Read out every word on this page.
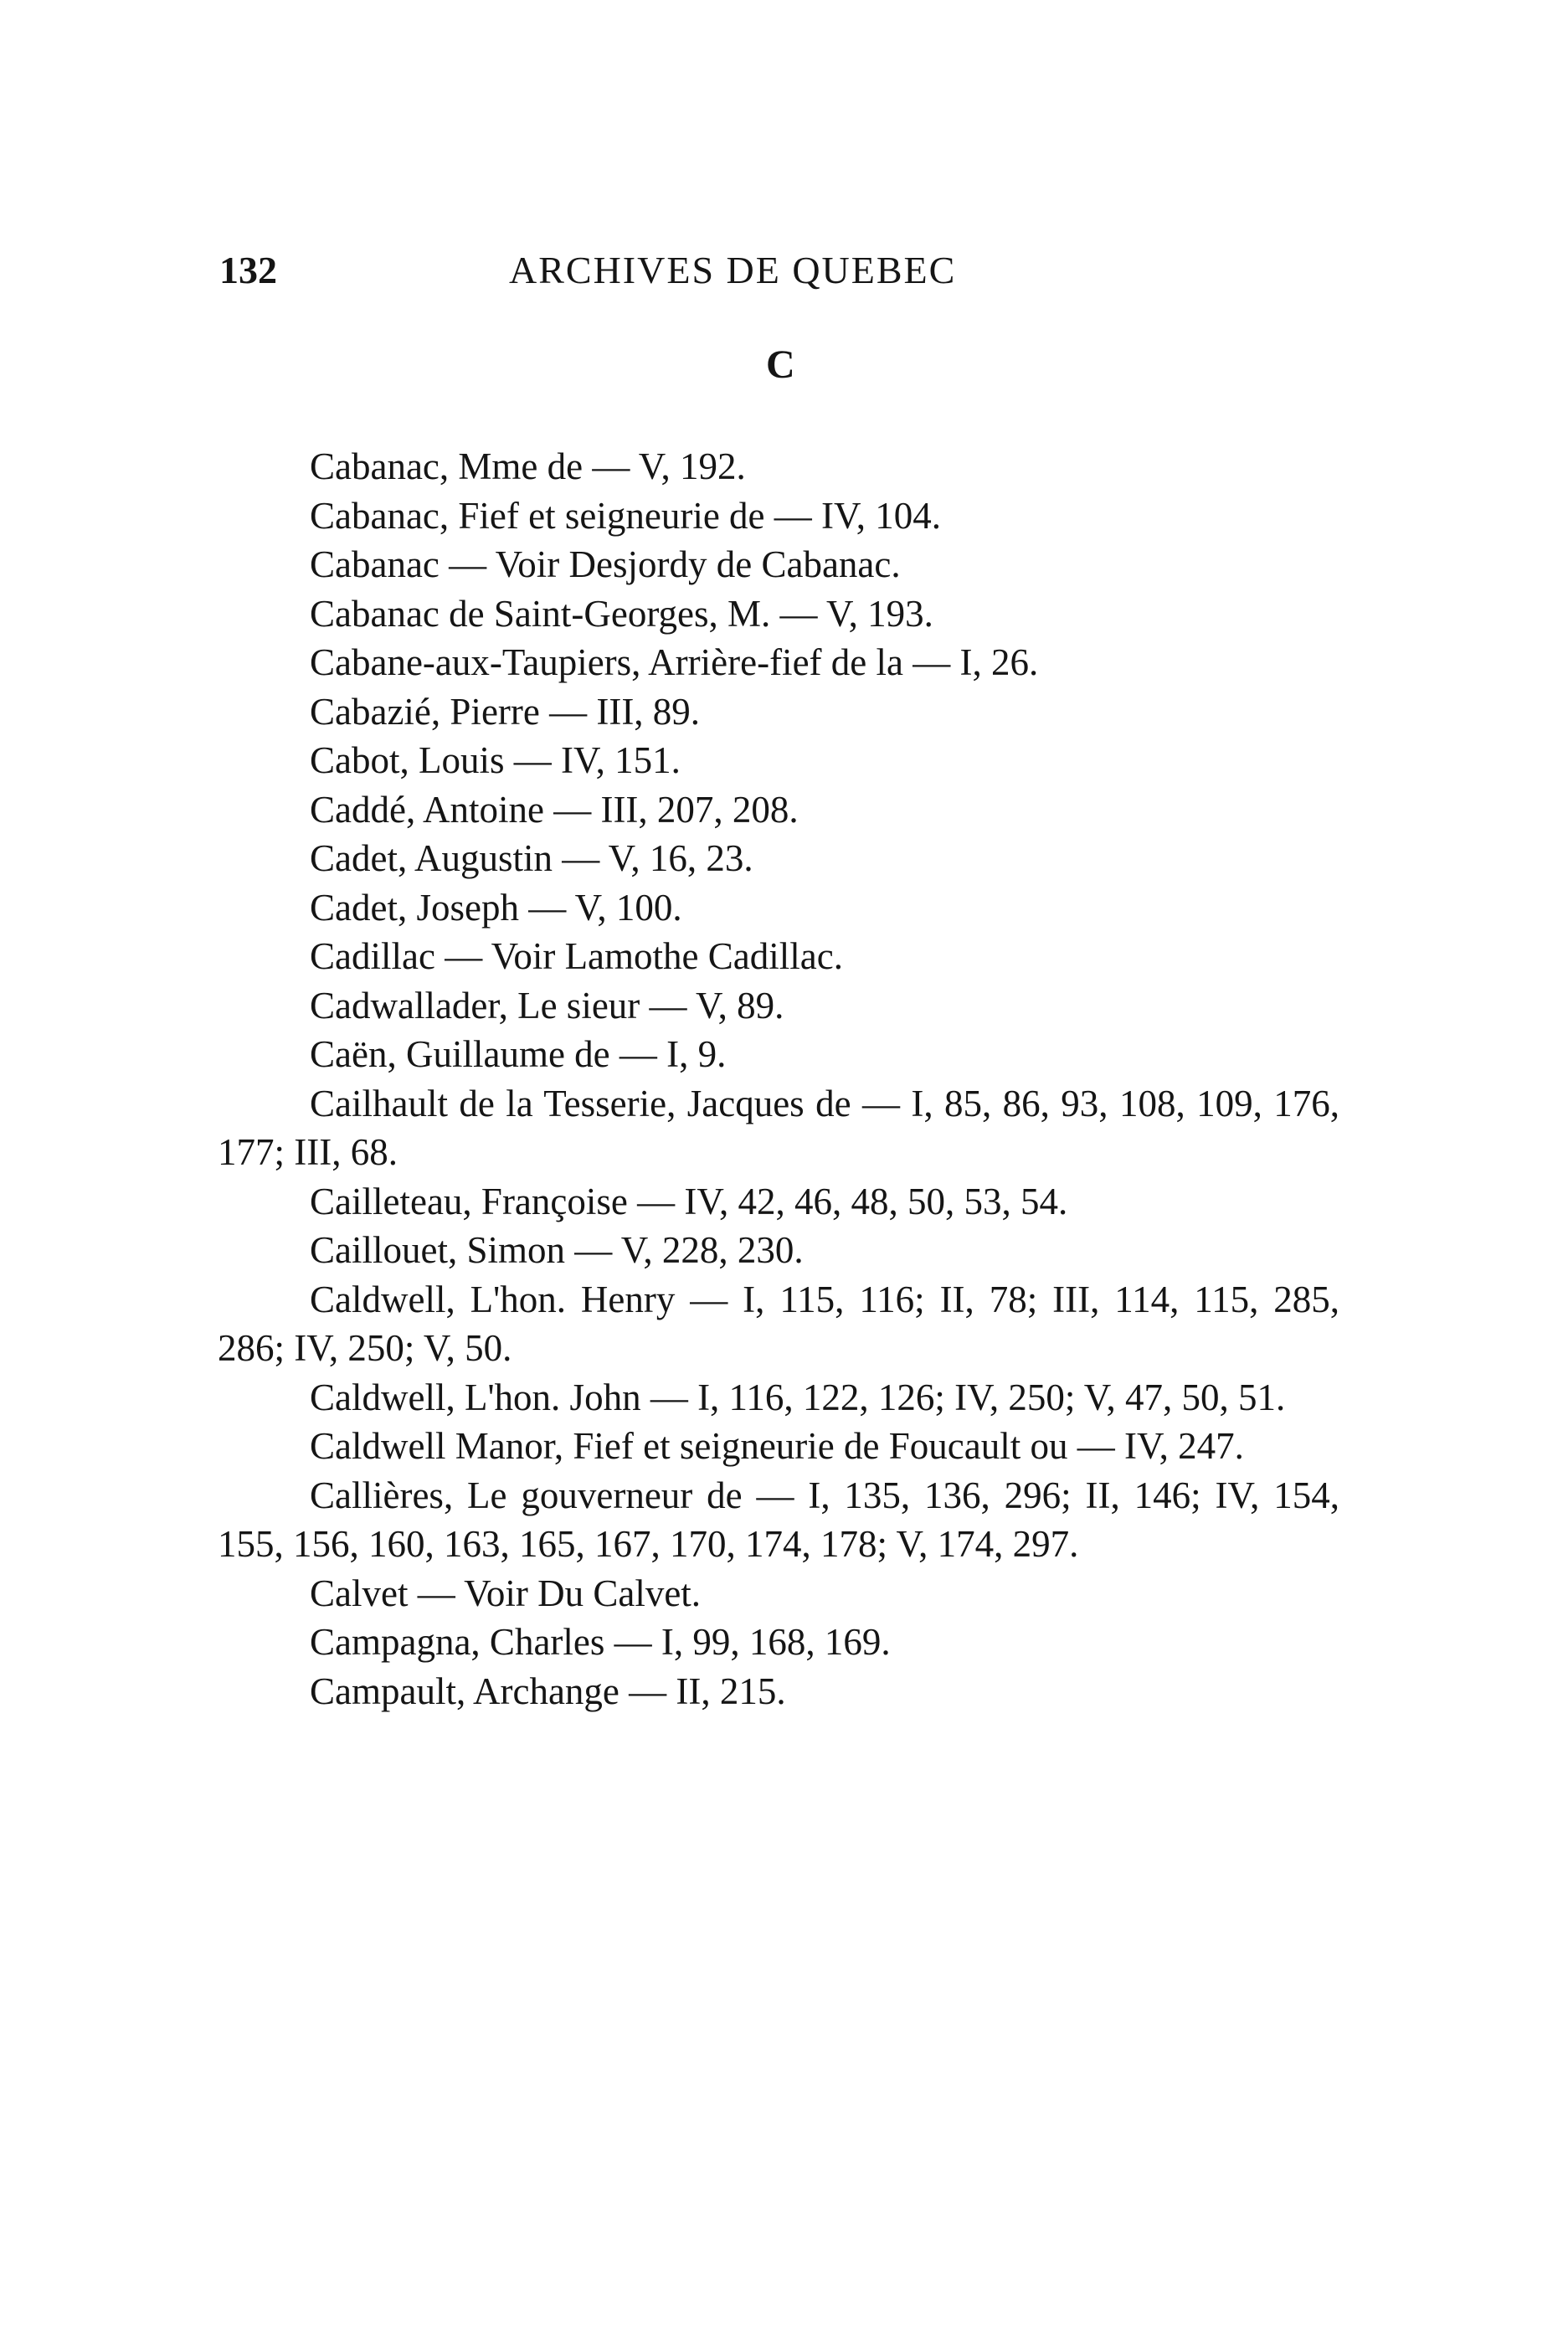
132	ARCHIVES DE QUEBEC
C

Cabanac, Mme de — V, 192.

Cabanac, Fief et seigneurie de — IV, 104.

Cabanac — Voir Desjordy de Cabanac.

Cabanac de Saint-Georges, M. — V, 193.

Cabane-aux-Taupiers, Arrière-fief de la — I, 26.

Cabazié, Pierre — III, 89.

Cabot, Louis — IV, 151.

Caddé, Antoine — III, 207, 208.

Cadet, Augustin — V, 16, 23.

Cadet, Joseph — V, 100.

Cadillac — Voir Lamothe Cadillac.

Cadwallader, Le sieur — V, 89.

Caën, Guillaume de — I, 9.

Cailhault de la Tesserie, Jacques de — I, 85, 86, 93, 108, 109, 176, 177; III, 68.

Cailleteau, Françoise — IV, 42, 46, 48, 50, 53, 54.

Caillouet, Simon — V, 228, 230.

Caldwell, L'hon. Henry — I, 115, 116; II, 78; III, 114, 115, 285, 286; IV, 250; V, 50.

Caldwell, L'hon. John — I, 116, 122, 126; IV, 250; V, 47, 50, 51.

Caldwell Manor, Fief et seigneurie de Foucault ou — IV, 247.

Callières, Le gouverneur de — I, 135, 136, 296; II, 146; IV, 154, 155, 156, 160, 163, 165, 167, 170, 174, 178; V, 174, 297.

Calvet — Voir Du Calvet.

Campagna, Charles — I, 99, 168, 169.

Campault, Archange — II, 215.
